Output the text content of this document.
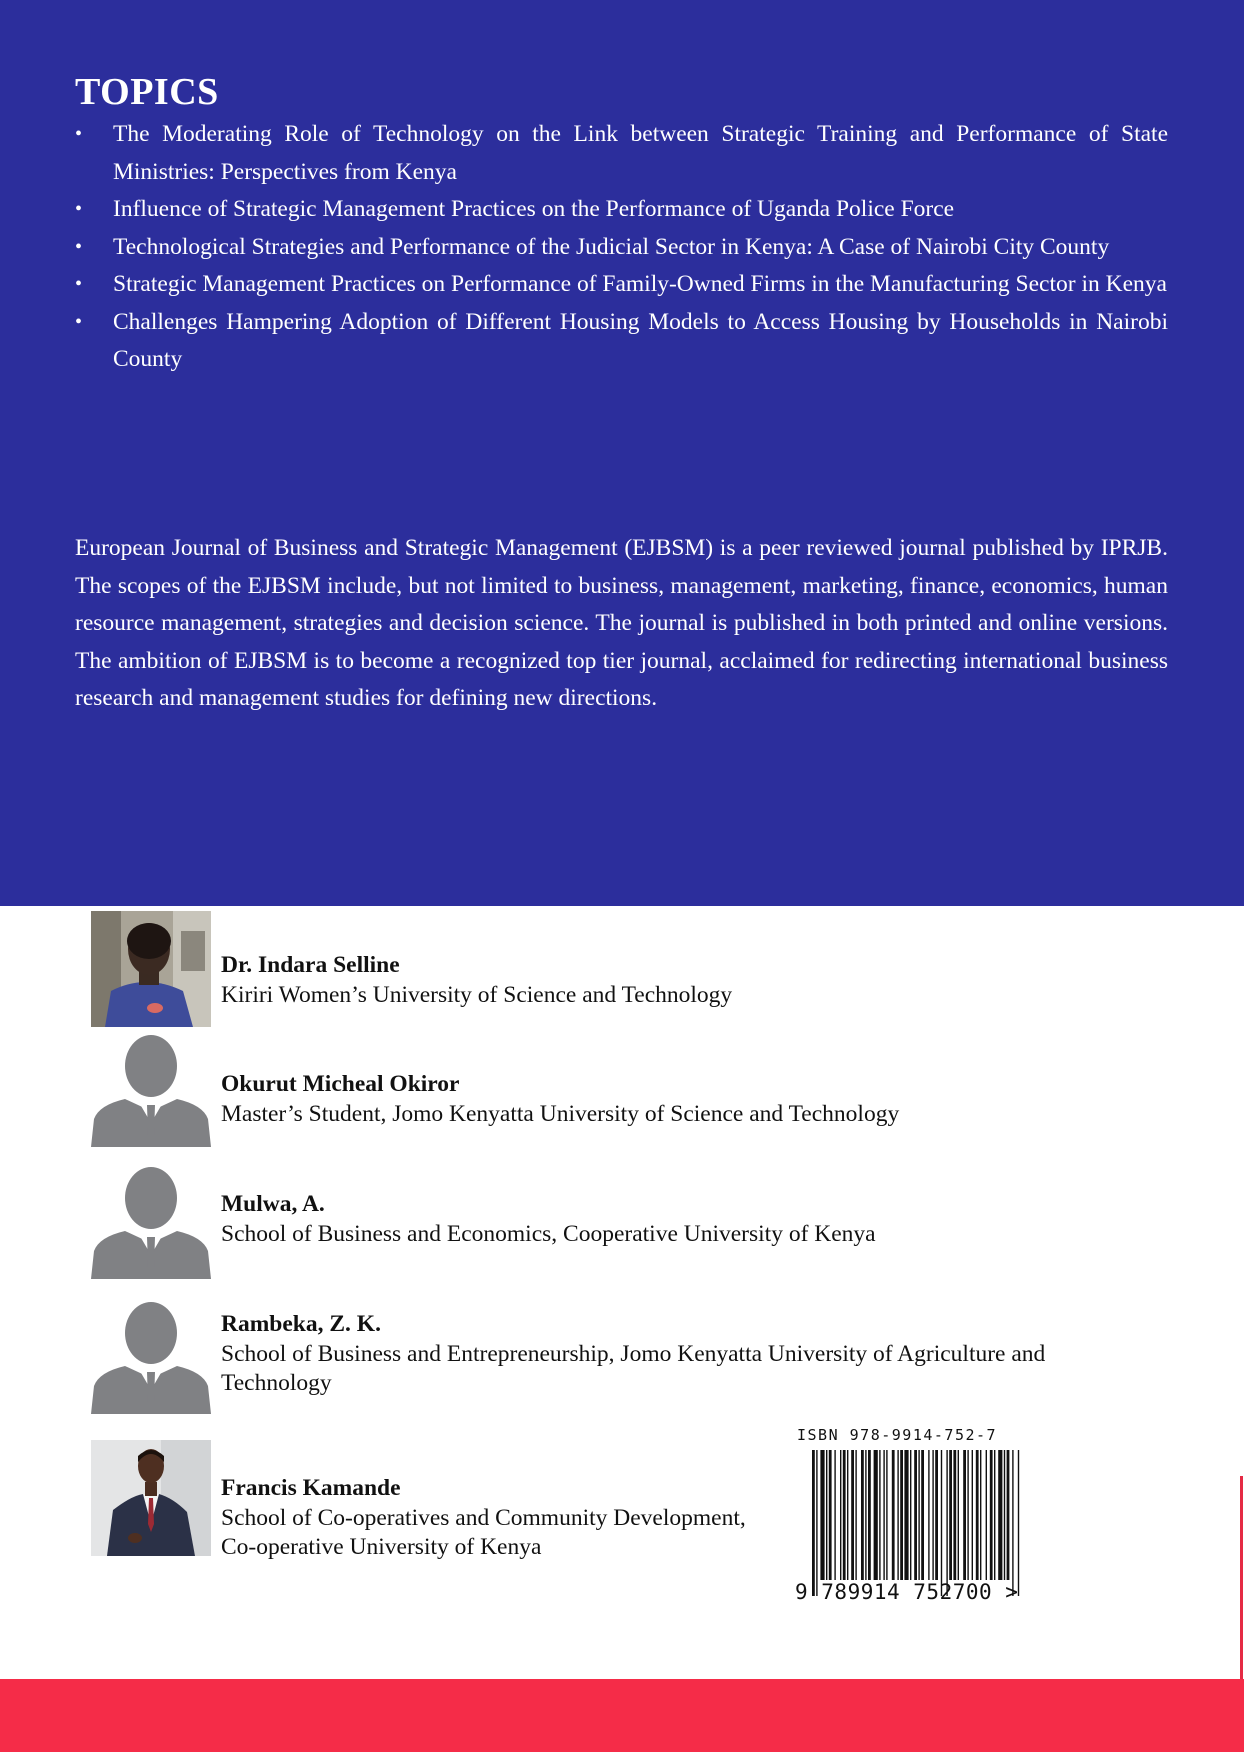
TOPICS
•	The Moderating Role of Technology on the Link between Strategic Training and Performance of State Ministries: Perspectives from Kenya
•	Influence of Strategic Management Practices on the Performance of Uganda Police Force
•	Technological Strategies and Performance of the Judicial Sector in Kenya: A Case of Nairobi City County
•	Strategic Management Practices on Performance of Family-Owned Firms in the Manufacturing Sector in Kenya
•	Challenges Hampering Adoption of Different Housing Models to Access Housing by Households in Nairobi County

European Journal of Business and Strategic Management (EJBSM) is a peer reviewed journal published by IPRJB. The scopes of the EJBSM include, but not limited to business, management, marketing, finance, economics, human resource management, strategies and decision science. The journal is published in both printed and online versions. The ambition of EJBSM is to become a recognized top tier journal, acclaimed for redirecting international business research and management studies for defining new directions.

Dr. Indara Selline
Kiriri Women’s University of Science and Technology
Okurut Micheal Okiror
Master’s Student, Jomo Kenyatta University of Science and Technology
Mulwa, A.
School of Business and Economics, Cooperative University of Kenya
Rambeka, Z. K.
School of Business and Entrepreneurship, Jomo Kenyatta University of Agriculture and
Technology
Francis Kamande
School of Co-operatives and Community Development,
Co-operative University of Kenya
ISBN 978-9914-752-7
9 789914 752700 >
